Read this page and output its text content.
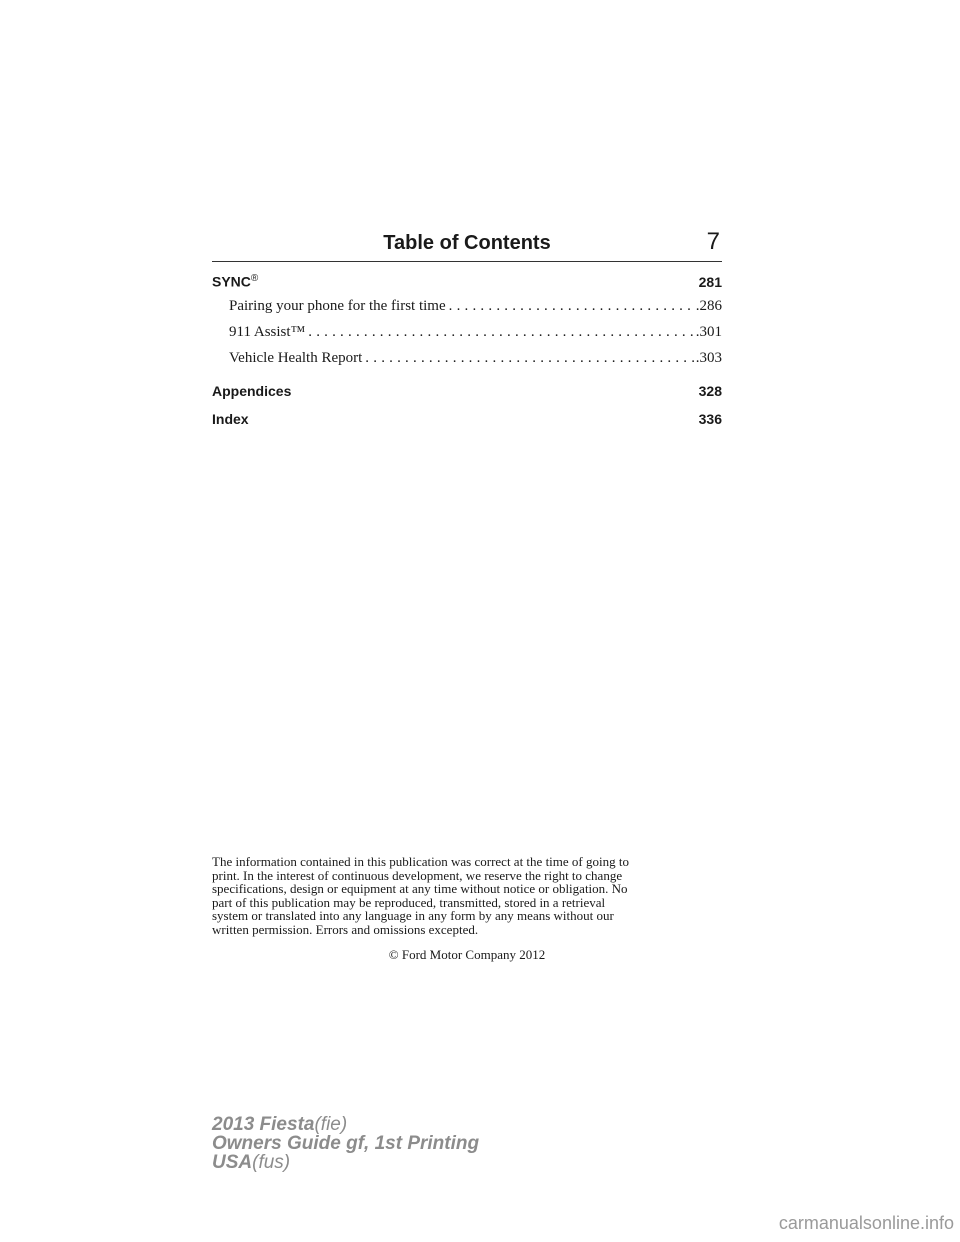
Table of Contents	7
SYNC®	281
Pairing your phone for the first time .....	.286
911 Assist™ .....	.301
Vehicle Health Report .....	.303
Appendices	328
Index	336
The information contained in this publication was correct at the time of going to
print. In the interest of continuous development, we reserve the right to change
specifications, design or equipment at any time without notice or obligation. No
part of this publication may be reproduced, transmitted, stored in a retrieval
system or translated into any language in any form by any means without our
written permission. Errors and omissions excepted.
© Ford Motor Company 2012
2013 Fiesta(fie)
Owners Guide gf, 1st Printing
USA(fus)
carmanualsonline.info
